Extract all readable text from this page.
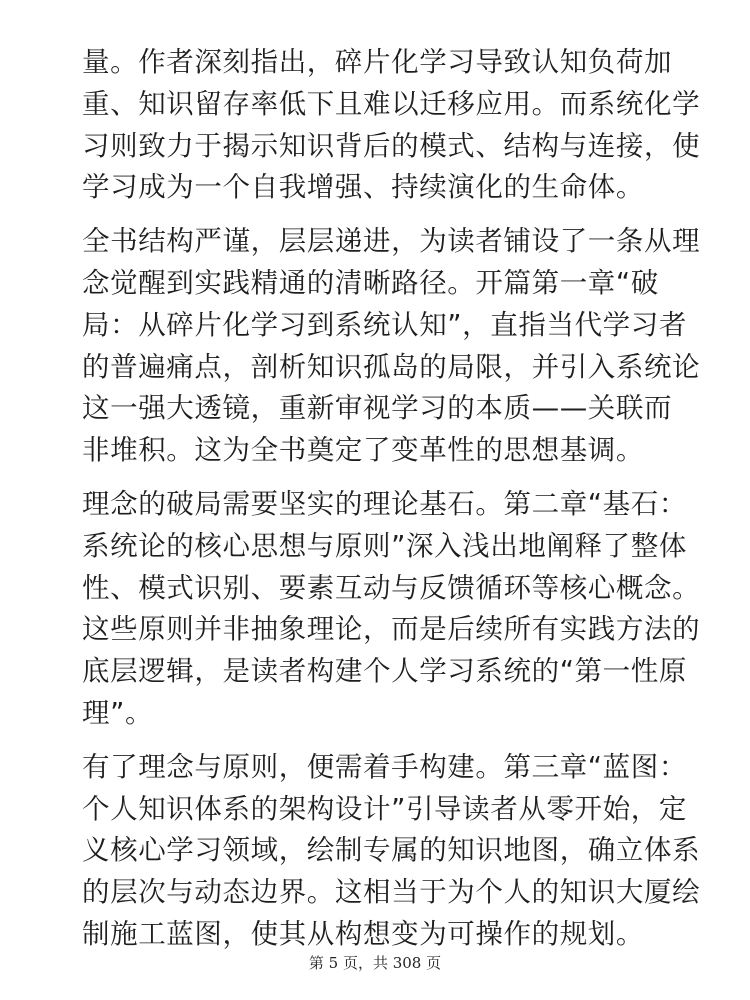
量。作者深刻指出，碎片化学习导致认知负荷加
重、知识留存率低下且难以迁移应用。而系统化学
习则致力于揭示知识背后的模式、结构与连接，使
学习成为一个自我增强、持续演化的生命体。
全书结构严谨，层层递进，为读者铺设了一条从理
念觉醒到实践精通的清晰路径。开篇第一章“破
局：从碎片化学习到系统认知”，直指当代学习者
的普遍痛点，剖析知识孤岛的局限，并引入系统论
这一强大透镜，重新审视学习的本质——关联而
非堆积。这为全书奠定了变革性的思想基调。
理念的破局需要坚实的理论基石。第二章“基石：
系统论的核心思想与原则”深入浅出地阐释了整体
性、模式识别、要素互动与反馈循环等核心概念。
这些原则并非抽象理论，而是后续所有实践方法的
底层逻辑，是读者构建个人学习系统的“第一性原
理”。
有了理念与原则，便需着手构建。第三章“蓝图：
个人知识体系的架构设计”引导读者从零开始，定
义核心学习领域，绘制专属的知识地图，确立体系
的层次与动态边界。这相当于为个人的知识大厦绘
制施工蓝图，使其从构想变为可操作的规划。
第 5 页，共 308 页
